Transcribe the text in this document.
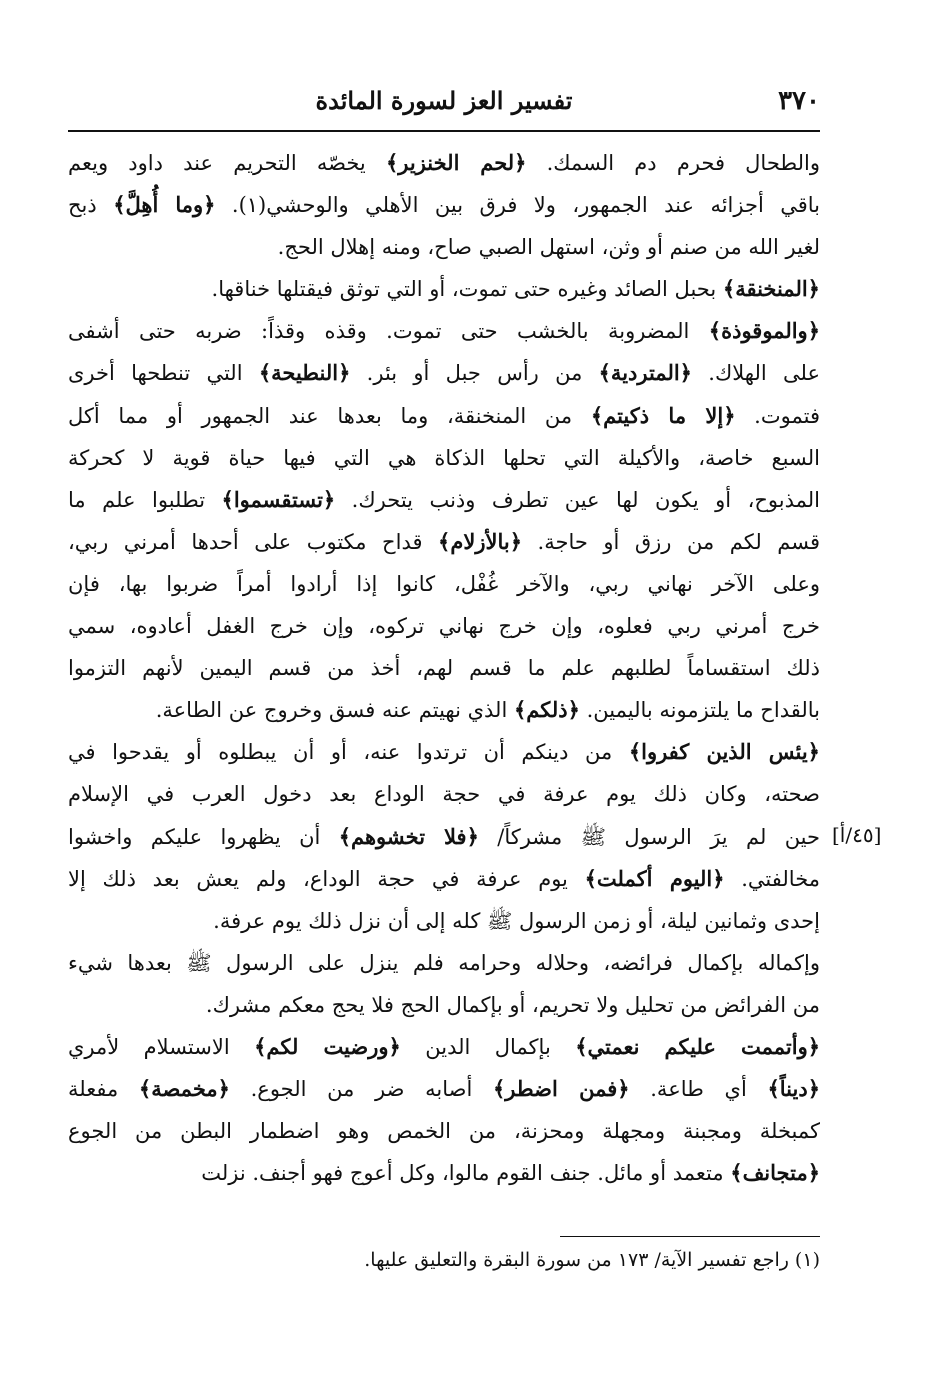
٣٧٠
تفسير العز لسورة المائدة
والطحال فحرم دم السمك. ﴿لحم الخنزير﴾ يخصّه التحريم عند داود ويعم
باقي أجزائه عند الجمهور، ولا فرق بين الأهلي والوحشي(١). ﴿وما أُهِلَّ﴾ ذبح
لغير الله من صنم أو وثن، استهل الصبي صاح، ومنه إهلال الحج.
﴿المنخنقة﴾ بحبل الصائد وغيره حتى تموت، أو التي توثق فيقتلها خناقها.
﴿والموقوذة﴾ المضروبة بالخشب حتى تموت. وقذه وقذاً: ضربه حتى أشفى
على الهلاك. ﴿المتردية﴾ من رأس جبل أو بئر. ﴿النطيحة﴾ التي تنطحها أخرى
فتموت. ﴿إلا ما ذكيتم﴾ من المنخنقة، وما بعدها عند الجمهور أو مما أكل
السبع خاصة، والأكيلة التي تحلها الذكاة هي التي فيها حياة قوية لا كحركة
المذبوح، أو يكون لها عين تطرف وذنب يتحرك. ﴿تستقسموا﴾ تطلبوا علم ما
قسم لكم من رزق أو حاجة. ﴿بالأزلام﴾ قداح مكتوب على أحدها أمرني ربي،
وعلى الآخر نهاني ربي، والآخر غُفْل، كانوا إذا أرادوا أمراً ضربوا بها، فإن
خرج أمرني ربي فعلوه، وإن خرج نهاني تركوه، وإن خرج الغفل أعادوه، سمي
ذلك استقساماً لطلبهم علم ما قسم لهم، أخذ من قسم اليمين لأنهم التزموا
بالقداح ما يلتزمونه باليمين. ﴿ذلكم﴾ الذي نهيتم عنه فسق وخروج عن الطاعة.
﴿يئس الذين كفروا﴾ من دينكم أن ترتدوا عنه، أو أن يبطلوه أو يقدحوا في
صحته، وكان ذلك يوم عرفة في حجة الوداع بعد دخول العرب في الإسلام
حين لم يرَ الرسول ﷺ مشركاً/ ﴿فلا تخشوهم﴾ أن يظهروا عليكم واخشوا
مخالفتي. ﴿اليوم أكملت﴾ يوم عرفة في حجة الوداع، ولم يعش بعد ذلك إلا
إحدى وثمانين ليلة، أو زمن الرسول ﷺ كله إلى أن نزل ذلك يوم عرفة.
وإكماله بإكمال فرائضه، وحلاله وحرامه فلم ينزل على الرسول ﷺ بعدها شيء
من الفرائض من تحليل ولا تحريم، أو بإكمال الحج فلا يحج معكم مشرك.
﴿وأتممت عليكم نعمتي﴾ بإكمال الدين ﴿ورضيت لكم﴾ الاستسلام لأمري
﴿ديناً﴾ أي طاعة. ﴿فمن اضطر﴾ أصابه ضر من الجوع. ﴿مخمصة﴾ مفعلة
كمبخلة ومجبنة ومجهلة ومحزنة، من الخمص وهو اضطمار البطن من الجوع
﴿متجانف﴾ متعمد أو مائل. جنف القوم مالوا، وكل أعوج فهو أجنف. نزلت
[٤٥/أ]
(١) راجع تفسير الآية/ ١٧٣ من سورة البقرة والتعليق عليها.
